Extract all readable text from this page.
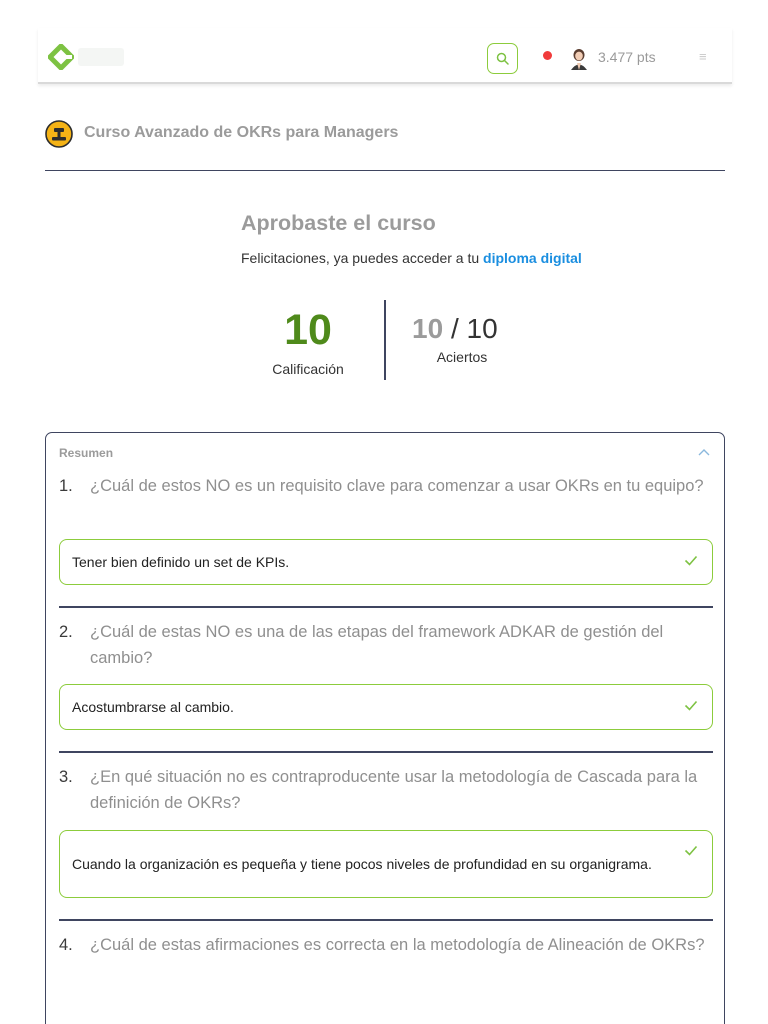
3.477 pts	≡
Curso Avanzado de OKRs para Managers
Aprobaste el curso
Felicitaciones, ya puedes acceder a tu diploma digital
10
Calificación
10 / 10
Aciertos
Resumen
1. ¿Cuál de estos NO es un requisito clave para comenzar a usar OKRs en tu equipo?
Tener bien definido un set de KPIs.
2. ¿Cuál de estas NO es una de las etapas del framework ADKAR de gestión del cambio?
Acostumbrarse al cambio.
3. ¿En qué situación no es contraproducente usar la metodología de Cascada para la definición de OKRs?
Cuando la organización es pequeña y tiene pocos niveles de profundidad en su organigrama.
4. ¿Cuál de estas afirmaciones es correcta en la metodología de Alineación de OKRs?
